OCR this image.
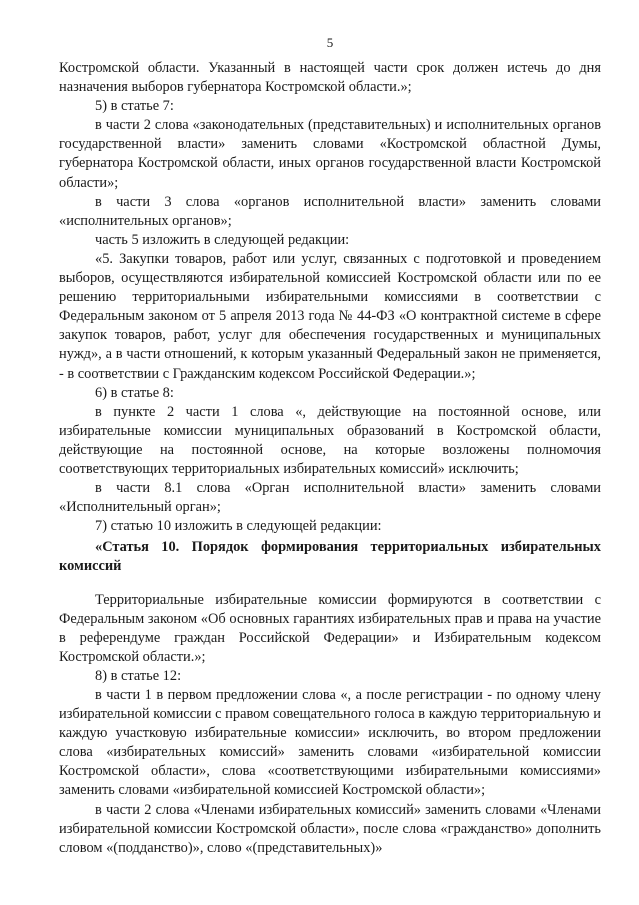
5

Костромской области. Указанный в настоящей части срок должен истечь до дня назначения выборов губернатора Костромской области.»;

5) в статье 7:

в части 2 слова «законодательных (представительных) и исполнительных органов государственной власти» заменить словами «Костромской областной Думы, губернатора Костромской области, иных органов государственной власти Костромской области»;

в части 3 слова «органов исполнительной власти» заменить словами «исполнительных органов»;

часть 5 изложить в следующей редакции:

«5. Закупки товаров, работ или услуг, связанных с подготовкой и проведением выборов, осуществляются избирательной комиссией Костромской области или по ее решению территориальными избирательными комиссиями в соответствии с Федеральным законом от 5 апреля 2013 года № 44-ФЗ «О контрактной системе в сфере закупок товаров, работ, услуг для обеспечения государственных и муниципальных нужд», а в части отношений, к которым указанный Федеральный закон не применяется, - в соответствии с Гражданским кодексом Российской Федерации.»;

6) в статье 8:

в пункте 2 части 1 слова «, действующие на постоянной основе, или избирательные комиссии муниципальных образований в Костромской области, действующие на постоянной основе, на которые возложены полномочия соответствующих территориальных избирательных комиссий» исключить;

в части 8.1 слова «Орган исполнительной власти» заменить словами «Исполнительный орган»;

7) статью 10 изложить в следующей редакции:

«Статья 10. Порядок формирования территориальных избирательных комиссий

Территориальные избирательные комиссии формируются в соответствии с Федеральным законом «Об основных гарантиях избирательных прав и права на участие в референдуме граждан Российской Федерации» и Избирательным кодексом Костромской области.»;

8) в статье 12:

в части 1 в первом предложении слова «, а после регистрации - по одному члену избирательной комиссии с правом совещательного голоса в каждую территориальную и каждую участковую избирательные комиссии» исключить, во втором предложении слова «избирательных комиссий» заменить словами «избирательной комиссии Костромской области», слова «соответствующими избирательными комиссиями» заменить словами «избирательной комиссией Костромской области»;

в части 2 слова «Членами избирательных комиссий» заменить словами «Членами избирательной комиссии Костромской области», после слова «гражданство» дополнить словом «(подданство)», слово «(представительных)»
